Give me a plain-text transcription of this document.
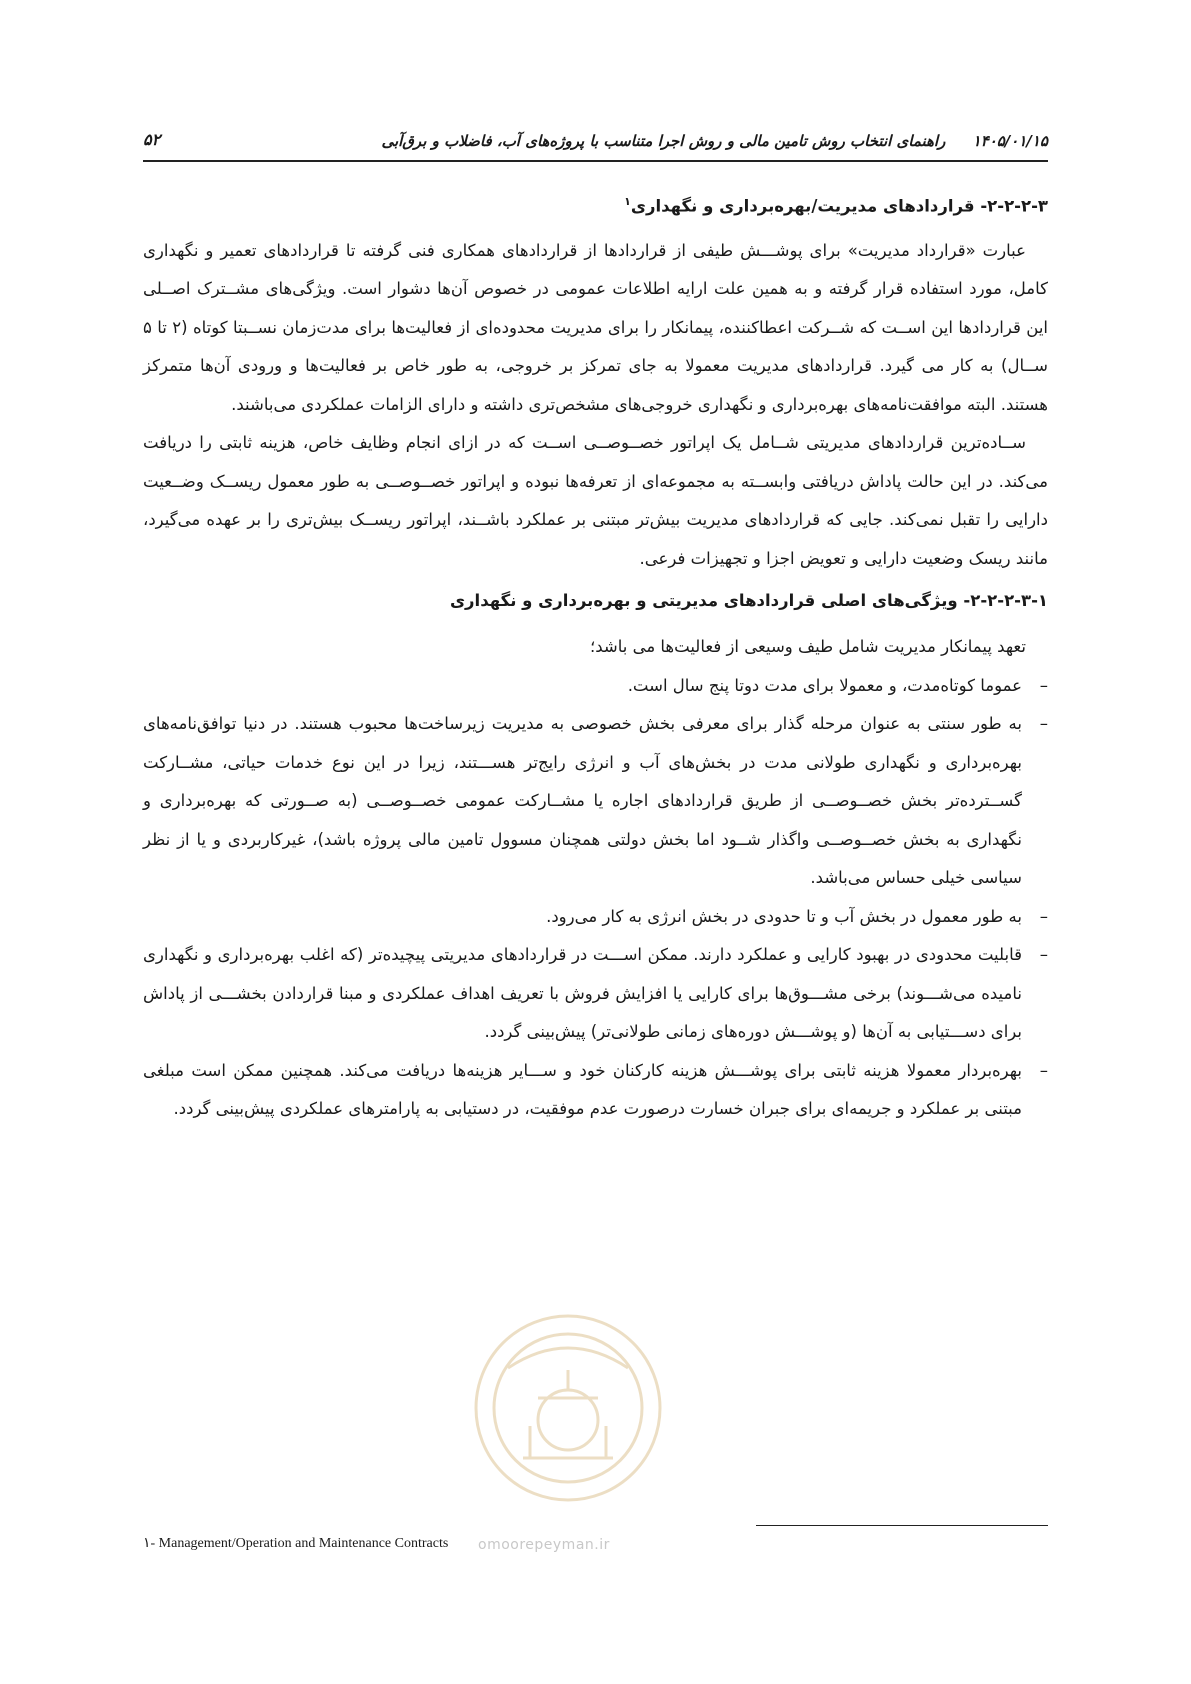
۱۴۰۵/۰۱/۱۵ راهنمای انتخاب روش تامین مالی و روش اجرا متناسب با پروژه‌های آب، فاضلاب و برق‌آبی
۵۲
۲-۲-۲-۳- قراردادهای مدیریت/بهره‌برداری و نگهداری$^۱$

عبارت «قرارداد مدیریت» برای پوشـــش طیفی از قراردادها از قراردادهای همکاری فنی گرفته تا قراردادهای تعمیر و نگهداری کامل، مورد استفاده قرار گرفته و به همین علت ارایه اطلاعات عمومی در خصوص آن‌ها دشوار است. ویژگی‌های مشــترک اصــلی این قراردادها این اســت که شــرکت اعطاکننده، پیمانکار را برای مدیریت محدوده‌ای از فعالیت‌ها برای مدت‌زمان نســبتا کوتاه (۲ تا ۵ ســال) به کار می گیرد. قراردادهای مدیریت معمولا به جای تمرکز بر خروجی، به طور خاص بر فعالیت‌ها و ورودی آن‌ها متمرکز هستند. البته موافقت‌نامه‌های بهره‌برداری و نگهداری خروجی‌های مشخص‌تری داشته و دارای الزامات عملکردی می‌باشند.

ســاده‌ترین قراردادهای مدیریتی شــامل یک اپراتور خصــوصــی اســت که در ازای انجام وظایف خاص، هزینه ثابتی را دریافت می‌کند. در این حالت پاداش دریافتی وابســته به مجموعه‌ای از تعرفه‌ها نبوده و اپراتور خصــوصــی به طور معمول ریســک وضــعیت دارایی را تقبل نمی‌کند. جایی که قراردادهای مدیریت بیش‌تر مبتنی بر عملکرد باشــند، اپراتور ریســک بیش‌تری را بر عهده می‌گیرد، مانند ریسک وضعیت دارایی و تعویض اجزا و تجهیزات فرعی.

۲-۲-۲-۳-۱- ویژگی‌های اصلی قراردادهای مدیریتی و بهره‌برداری و نگهداری

تعهد پیمانکار مدیریت شامل طیف وسیعی از فعالیت‌ها می باشد؛

– عموما کوتاه‌مدت، و معمولا برای مدت دوتا پنج سال است.
– به طور سنتی به عنوان مرحله گذار برای معرفی بخش خصوصی به مدیریت زیرساخت‌ها محبوب هستند. در دنیا توافق‌نامه‌های بهره‌برداری و نگهداری طولانی مدت در بخش‌های آب و انرژی رایج‌تر هســـتند، زیرا در این نوع خدمات حیاتی، مشــارکت گســترده‌تر بخش خصــوصــی از طریق قراردادهای اجاره یا مشــارکت عمومی خصــوصــی (به صــورتی که بهره‌برداری و نگهداری به بخش خصــوصــی واگذار شــود اما بخش دولتی همچنان مسوول تامین مالی پروژه باشد)، غیرکاربردی و یا از نظر سیاسی خیلی حساس می‌باشد.
– به طور معمول در بخش آب و تا حدودی در بخش انرژی به کار می‌رود.
– قابلیت محدودی در بهبود کارایی و عملکرد دارند. ممکن اســـت در قراردادهای مدیریتی پیچیده‌تر (که اغلب بهره‌برداری و نگهداری نامیده می‌شـــوند) برخی مشـــوق‌ها برای کارایی یا افزایش فروش با تعریف اهداف عملکردی و مبنا قراردادن بخشـــی از پاداش برای دســـتیابی به آن‌ها (و پوشـــش دوره‌های زمانی طولانی‌تر) پیش‌بینی گردد.
– بهره‌بردار معمولا هزینه ثابتی برای پوشـــش هزینه کارکنان خود و ســـایر هزینه‌ها دریافت می‌کند. همچنین ممکن است مبلغی مبتنی بر عملکرد و جریمه‌ای برای جبران خسارت درصورت عدم موفقیت، در دستیابی به پارامترهای عملکردی پیش‌بینی گردد.
omoorepeyman.ir
۱- Management/Operation and Maintenance Contracts
